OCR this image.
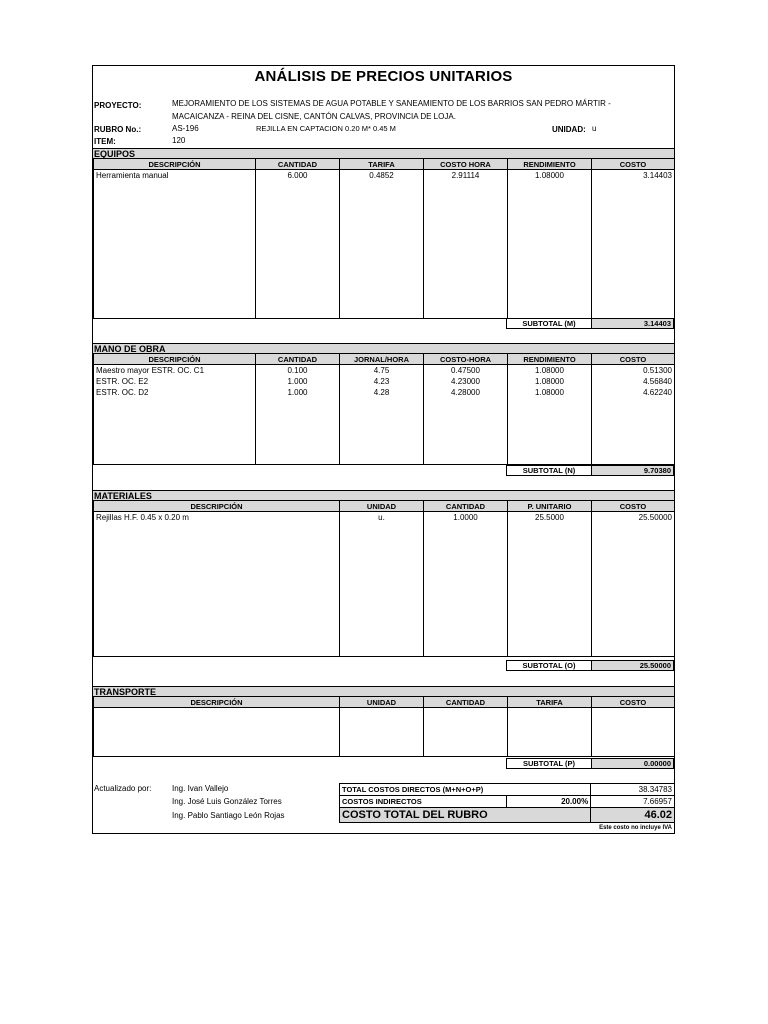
ANÁLISIS DE PRECIOS UNITARIOS
PROYECTO:	MEJORAMIENTO DE LOS SISTEMAS DE AGUA POTABLE Y SANEAMIENTO DE LOS BARRIOS SAN PEDRO MÁRTIR -
MACAICANZA - REINA DEL CISNE, CANTÓN CALVAS, PROVINCIA DE LOJA.
RUBRO No.:	AS-196	REJILLA EN CAPTACION 0.20 M* 0.45 M	UNIDAD: u
ITEM:	120
EQUIPOS
DESCRIPCIÓN	CANTIDAD	TARIFA	COSTO HORA	RENDIMIENTO	COSTO
Herramienta manual	6.000	0.4852	2.91114	1.08000	3.14403

SUBTOTAL (M)	3.14403
MANO DE OBRA
DESCRIPCIÓN	CANTIDAD	JORNAL/HORA	COSTO-HORA	RENDIMIENTO	COSTO
Maestro mayor ESTR. OC. C1	0.100	4.75	0.47500	1.08000	0.51300
ESTR. OC. E2	1.000	4.23	4.23000	1.08000	4.56840
ESTR. OC. D2	1.000	4.28	4.28000	1.08000	4.62240

SUBTOTAL (N)	9.70380
MATERIALES
DESCRIPCIÓN	UNIDAD	CANTIDAD	P. UNITARIO	COSTO
Rejillas H.F. 0.45 x 0.20 m	u.	1.0000	25.5000	25.50000

SUBTOTAL (O)	25.50000
TRANSPORTE
DESCRIPCIÓN	UNIDAD	CANTIDAD	TARIFA	COSTO

SUBTOTAL (P)	0.00000
Actualizado por:	Ing. Ivan Vallejo
Ing. José Luis González Torres
Ing. Pablo Santiago León Rojas
TOTAL COSTOS DIRECTOS (M+N+O+P)		38.34783
COSTOS INDIRECTOS	20.00%	7.66957
COSTO TOTAL DEL RUBRO		46.02
Este costo no incluye IVA
